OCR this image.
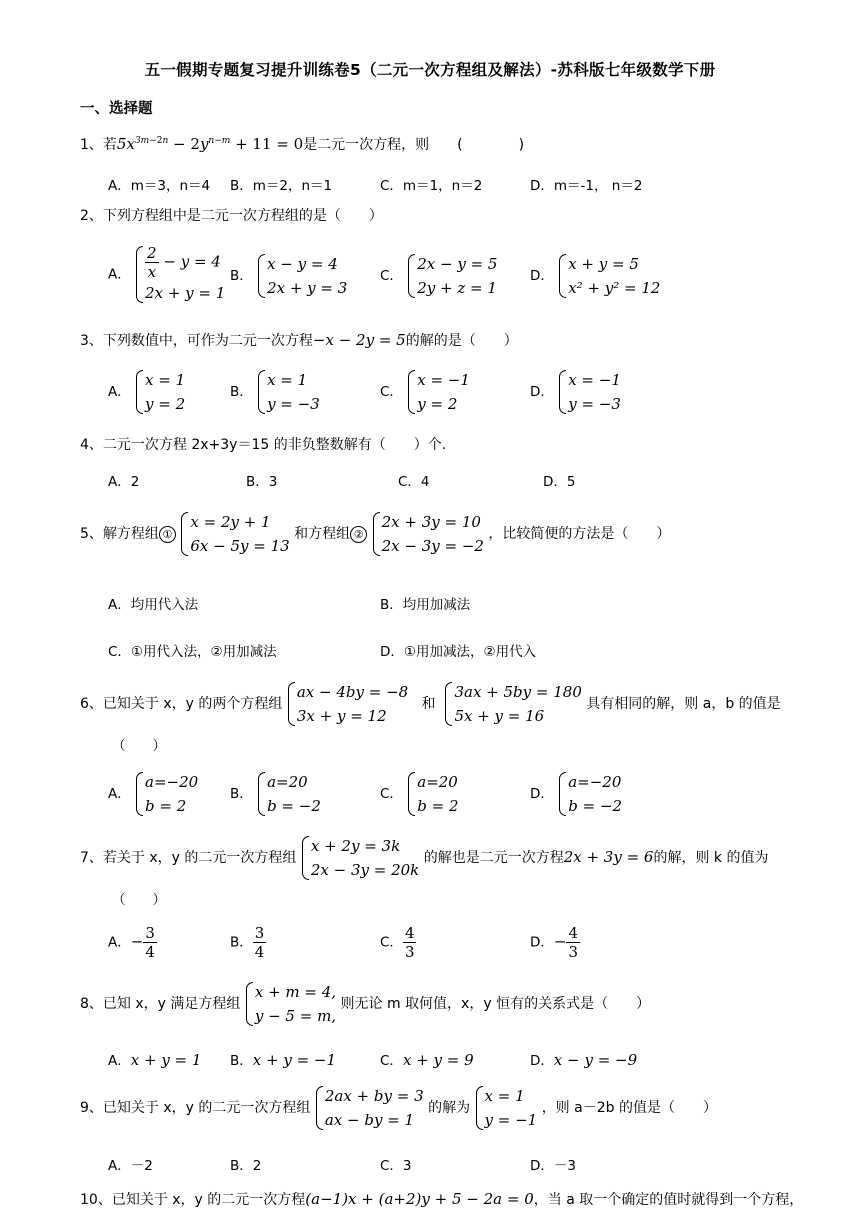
五一假期专题复习提升训练卷5（二元一次方程组及解法）-苏科版七年级数学下册
一、选择题
1、若$5x^{3m-2n} - 2y^{n-m} + 11 = 0$是二元一次方程，则　　(　　　　)
A．m＝3，n＝4 B．m＝2，n＝1	C．m＝1，n＝2	D．m＝-1， n＝2
2、下列方程组中是二元一次方程组的是（　　）
A． $\frac{2}{x} - y = 4$
2x + y = 1
B．
x − y = 4
2x + y = 3
C．
2x − y = 5
2y + z = 1
D．
x + y = 5
x² + y² = 12
3、下列数值中，可作为二元一次方程−x − 2y = 5的解的是（　　）
A．
x = 1
y = 2
B．
x = 1
y = −3
C．
x = −1
y = 2
D．
x = −1
y = −3
4、二元一次方程 2x+3y＝15 的非负整数解有（　　）个.
A．2	B．3	C．4	D．5
5、解方程组 ①
x = 2y + 1
6x − 5y = 13
和方程组 ②
2x + 3y = 10
2x − 3y = −2
，比较简便的方法是（　　）
A．均用代入法	B．均用加减法
C．①用代入法，②用加减法	D．①用加减法，②用代入
6、已知关于 x，y 的两个方程组
ax − 4by = −8
3x + y = 12
和
3ax + 5by = 180
5x + y = 16
具有相同的解，则 a，b 的值是
（　　）
A．
a=−20
b = 2
B．
a=20
b = −2
C．
a=20
b = 2
D．
a=−20
b = −2
7、若关于 x，y 的二元一次方程组
x + 2y = 3k
2x − 3y = 20k
的解也是二元一次方程2x + 3y = 6的解，则 k 的值为
（　　）
A．− $\frac{3}{4}$	B． $\frac{3}{4}$	C． $\frac{4}{3}$	D．− $\frac{4}{3}$
8、已知 x，y 满足方程组
x + m = 4,
y − 5 = m,
则无论 m 取何值，x，y 恒有的关系式是（　　）
A．x + y = 1 B．x + y = −1	C．x + y = 9	D．x − y = −9
9、已知关于 x，y 的二元一次方程组
2ax + by = 3
ax − by = 1
的解为
x = 1
y = −1
，则 a－2b 的值是（　　）
A．－2	B．2	C．3	D．－3
10、已知关于 x，y 的二元一次方程(a−1)x + (a+2)y + 5 − 2a = 0，当 a 取一个确定的值时就得到一个方程，
